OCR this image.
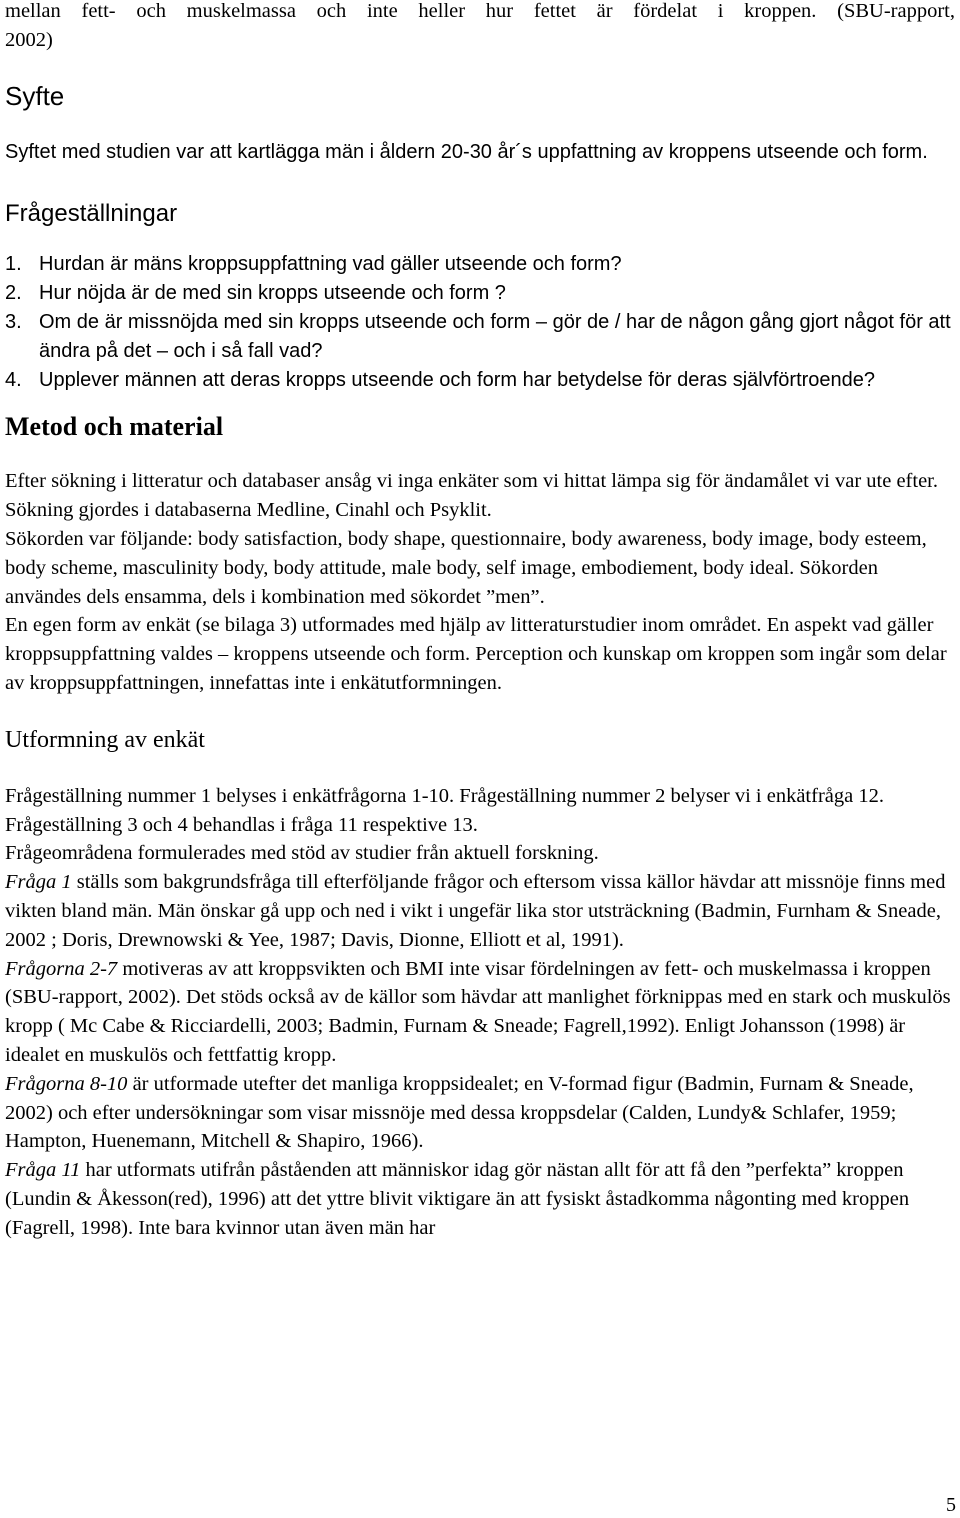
mellan fett- och muskelmassa och inte heller hur fettet är fördelat i kroppen. (SBU-rapport,
2002)

Syfte

Syftet med studien var att kartlägga män i åldern 20-30 år´s uppfattning av kroppens utseende och form.

Frågeställningar
1. Hurdan är mäns kroppsuppfattning vad gäller utseende och form?
2. Hur nöjda är de med sin kropps utseende och form ?
3. Om de är missnöjda med sin kropps utseende och form – gör de / har de någon gång gjort något för att ändra på det – och i så fall vad?
4. Upplever männen att deras kropps utseende och form har betydelse för deras självförtroende?
Metod och material

Efter sökning i litteratur och databaser ansåg vi inga enkäter som vi hittat lämpa sig för ändamålet vi var ute efter. Sökning gjordes i databaserna Medline, Cinahl och Psyklit.

Sökorden var följande: body satisfaction, body shape, questionnaire, body awareness, body image, body esteem, body scheme, masculinity body, body attitude, male body, self image, embodiement, body ideal. Sökorden användes dels ensamma, dels i kombination med sökordet ”men”.

En egen form av enkät (se bilaga 3) utformades med hjälp av litteraturstudier inom området. En aspekt vad gäller kroppsuppfattning valdes – kroppens utseende och form. Perception och kunskap om kroppen som ingår som delar av kroppsuppfattningen, innefattas inte i enkätutformningen.

Utformning av enkät

Frågeställning nummer 1 belyses i enkätfrågorna 1-10. Frågeställning nummer 2 belyser vi i enkätfråga 12. Frågeställning 3 och 4 behandlas i fråga 11 respektive 13.

Frågeområdena formulerades med stöd av studier från aktuell forskning.

Fråga 1 ställs som bakgrundsfråga till efterföljande frågor och eftersom vissa källor hävdar att missnöje finns med vikten bland män. Män önskar gå upp och ned i vikt i ungefär lika stor utsträckning (Badmin, Furnham & Sneade, 2002 ; Doris, Drewnowski & Yee, 1987; Davis, Dionne, Elliott et al, 1991).

Frågorna 2-7 motiveras av att kroppsvikten och BMI inte visar fördelningen av fett- och muskelmassa i kroppen (SBU-rapport, 2002). Det stöds också av de källor som hävdar att manlighet förknippas med en stark och muskulös kropp ( Mc Cabe & Ricciardelli, 2003; Badmin, Furnam & Sneade; Fagrell,1992). Enligt Johansson (1998) är idealet en muskulös och fettfattig kropp.

Frågorna 8-10 är utformade utefter det manliga kroppsidealet; en V-formad figur (Badmin, Furnam & Sneade, 2002) och efter undersökningar som visar missnöje med dessa kroppsdelar (Calden, Lundy& Schlafer, 1959; Hampton, Huenemann, Mitchell & Shapiro, 1966).

Fråga 11 har utformats utifrån påståenden att människor idag gör nästan allt för att få den ”perfekta” kroppen (Lundin & Åkesson(red), 1996) att det yttre blivit viktigare än att fysiskt åstadkomma någonting med kroppen (Fagrell, 1998). Inte bara kvinnor utan även män har

5
